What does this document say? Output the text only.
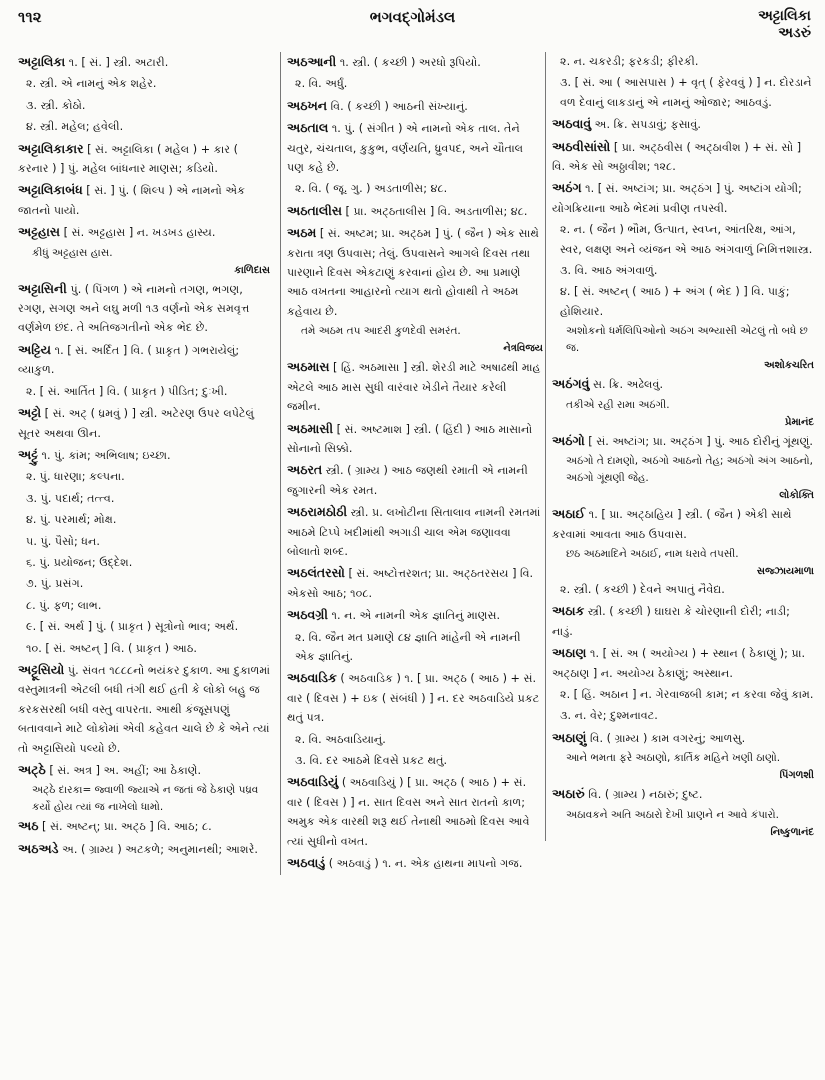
૧૧૨	ભગવદ્ગોમંડલ	અટ્ટાલિકા
અડરું
અટ્ટાલિકા ૧. [ સં. ] સ્ત્રી. અટારી.
૨. સ્ત્રી. એ નામનું એક શહેર.
૩. સ્ત્રી. કોઠો.
૪. સ્ત્રી. મહેલ; હવેલી.
અટ્ટાલિકાકાર [ સં. અટ્ટાલિકા ( મહેલ ) + કાર ( કરનાર ) ] પું. મહેલ બાંધનાર માણસ; કડિયો.
અટ્ટાલિકાબંધ [ સં. ] પું. ( શિલ્પ ) એ નામનો એક જાતનો પાયો.
અટ્ટહાસ [ સં. અટ્ટહાસ ] ન. ખડખડ હાસ્ય.
કીધું અટ્ટહાસ હાસ.
કાળિદાસ
અટ્ટાસિની પું. ( પિંગળ ) એ નામનો તગણ, ભગણ, રગણ, સગણ અને લઘુ મળી ૧૩ વર્ણનો એક સમવૃત્ત વર્ણમેળ છંદ. તે અતિજગતીનો એક ભેદ છે.
અટ્ટિય ૧. [ સં. અર્દિત ] વિ. ( પ્રાકૃત ) ગભરાયેલું; વ્યાકુળ.
૨. [ સં. આર્તિત ] વિ. ( પ્રાકૃત ) પીડિત; દુઃખી.
અટ્ટો [ સં. અટ્ ( ધ્રમવું ) ] સ્ત્રી. અટેરણ ઉપર લપેટેલું સૂતર અથવા ઊન.
અટ્ટું ૧. પું. કાંમ; અભિલાષ; ઇચ્છા.
૨. પું. ધારણા; કલ્પના.
૩. પું. પદાર્થ; તત્ત્વ.
૪. પું. પરમાર્થ; મોક્ષ.
૫. પું. પૈસો; ધન.
૬. પું. પ્રયોજન; ઉદ્દેશ.
૭. પું. પ્રસંગ.
૮. પું. ફળ; લાભ.
૯. [ સં. અર્થ ] પું. ( પ્રાકૃત ) સૂત્રોનો ભાવ; અર્થ.
૧૦. [ સં. અષ્ટન્ ] વિ. ( પ્રાકૃત ) આઠ.
અટ્ટૂસિયો પું. સંવત ૧૮૮૮નો ભયંકર દુકાળ. આ દુકાળમાં વસ્તુમાત્રની એટલી બધી તંગી થઈ હતી કે લોકો બહુ જ કરકસરથી બધી વસ્તુ વાપરતા. આથી કંજૂસપણું બતાવવાને માટે લોકોમાં એવી કહેવત ચાલે છે કે એને ત્યાં તો અટ્ટાસિયો પલ્યો છે.
અટ્ઠે [ સં. અત્ર ] અ. અહીં; આ ઠેકાણે.
અટ્ઠે દારકા= જ્વાળી જ્યાએ ન જતાં જે ઠેકાણે પધ્રવ કર્યો હોય ત્યાં જ નાખેલો ધામો.
અઠ [ સં. અષ્ટન્; પ્રા. અટ્ઠ ] વિ. આઠ; ૮.
અઠઅડે અ. ( ગ્રામ્ય ) અટકળે; અનુમાનથી; આશરે.
અઠઆની ૧. સ્ત્રી. ( કચ્છી ) અરધો રૂપિયો.
૨. વિ. અર્ધું.
અઠખન વિ. ( કચ્છી ) આઠની સંખ્યાનું.
અઠતાલ ૧. પું. ( સંગીત ) એ નામનો એક તાલ. તેને ચતુર, ચંચતાલ, કુકુભ, વર્ણયતિ, ધ્રુવપદ, અને ચૌતાલ પણ કહે છે.
૨. વિ. ( જૂ. ગુ. ) અડતાળીસ; ૪૮.
અઠતાલીસ [ પ્રા. અટ્ઠતાલીસ ] વિ. અડતાળીસ; ૪૮.
અઠમ [ સં. અષ્ટમ; પ્રા. અટ્ઠમ ] પું. ( જૈન ) એક સાથે કરાતા ત્રણ ઉપવાસ; તેલું. ઉપવાસને આગલે દિવસ તથા પારણાને દિવસ એકટાણું કરવાનાં હોય છે. આ પ્રમાણે આઠ વખતના આહારનો ત્યાગ થતો હોવાથી તે અઠમ કહેવાય છે.
તમે અઠમ તપ આદરી કુળદેવી સમરંત.
નેત્રવિજય
અઠમાસ [ હિં. અઠમાસા ] સ્ત્રી. શેરડી માટે અષાઢથી માહ એટલે આઠ માસ સુધી વારંવાર ખેડીને તૈયાર કરેલી જમીન.
અઠમાસી [ સં. અષ્ટમાશ ] સ્ત્રી. ( હિંદી ) આઠ માસાનો સોનાનો સિક્કો.
અઠરત સ્ત્રી. ( ગ્રામ્ય ) આઠ જણથી રમાતી એ નામની જુગારની એક રમત.
અઠરામઠોઠી સ્ત્રી. પ્ર. લખોટીના સિતાલાવ નામની રમતમાં આઠમે ટિપ્પે ખદીમાંથી અગાડી ચાલ એમ જણાવવા બોલાતો શબ્દ.
અઠલંતરસો [ સં. અષ્ટોત્તરશત; પ્રા. અટ્ઠતરસય ] વિ. એકસો આઠ; ૧૦૮.
અઠવગ્રી ૧. ન. એ નામની એક જ્ઞાતિનું માણસ.
૨. વિ. જૈન મત પ્રમાણે ૮૪ જ્ઞાતિ માંહેની એ નામની એક જ્ઞાતિનું.
અઠવાડિક ( અઠવાડિક ) ૧. [ પ્રા. અટ્ઠ ( આઠ ) + સં. વાર ( દિવસ ) + ઇક ( સંબંધી ) ] ન. દર અઠવાડિયે પ્રકટ થતું પત્ર.
૨. વિ. અઠવાડિયાનું.
૩. વિ. દર આઠમે દિવસે પ્રકટ થતું.
અઠવાડિયું ( અઠવાડિયું ) [ પ્રા. અટ્ઠ ( આઠ ) + સં. વાર ( દિવસ ) ] ન. સાત દિવસ અને સાત રાતનો કાળ; અમુક એક વારથી શરૂ થઈ તેનાથી આઠમો દિવસ આવે ત્યાં સુધીનો વખત.
અઠવાડું ( અઠવાડું ) ૧. ન. એક હાથના માપનો ગજ.
૨. ન. ચકરડી; ફરકડી; ફીરકી.
૩. [ સં. આ ( આસપાસ ) + વૃત્ ( ફેરવવું ) ] ન. દોરડાને વળ દેવાનું લાકડાનું એ નામનું ઓજાર; આઠવડું.
અઠવાવું અ. ક્રિ. સપડાવું; ફસાવું.
અઠવીસાંસો [ પ્રા. અટ્ઠવીસ ( અટ્ઠાવીશ ) + સં. સો ] વિ. એક સો અઠ્ઠાવીશ; ૧૨૮.
અઠંગ ૧. [ સં. અષ્ટાંગ; પ્રા. અટ્ઠંગ ] પું. અષ્ટાંગ યોગી; યોગક્રિયાના આઠે ભેદમાં પ્રવીણ તપસ્વી.
૨. ન. ( જૈન ) ભૌમ, ઉત્પાત, સ્વપ્ન, આંતરિક્ષ, આંગ, સ્વર, લક્ષણ અને વ્યંજન એ આઠ અંગવાળું નિમિત્તશાસ્ત્ર.
૩. વિ. આઠ અંગવાળું.
૪. [ સં. અષ્ટન્ ( આઠ ) + અંગ ( ભેદ ) ] વિ. પાકું; હોશિયાર.
અશોકનો ધર્મલિપિઓનો અઠંગ અભ્યાસી એટલું તો બધે છ જ.
અશોકચરિત
અઠંગવું સ. ક્રિ. અઢેલવું.
તકીએ રહી રામા અઠંગી.
પ્રેમાનંદ
અઠંગો [ સં. અષ્ટાંગ; પ્રા. અટ્ઠંગ ] પું. આઠ દોરીનું ગૂંથણું.
અઠંગો તે દામણો, અઠંગો આઠનો તેહ; અઠંગો અંગ આઠનો, અઠંગો ગૂંથણી જેહ.
લોકોક્તિ
અઠાઈ ૧. [ પ્રા. અટ્ઠાહિય ] સ્ત્રી. ( જૈન ) એકી સાથે કરવામાં આવતા આઠ ઉપવાસ.
છઠ અઠમાદિને અઠાઈ, નામ ધરાવે તપસી.
સજ્ઝાયમાળા
૨. સ્ત્રી. ( કચ્છી ) દેવને અપાતું નૈવેદ્ય.
અઠાક સ્ત્રી. ( કચ્છી ) ઘાઘરા કે ચોરણાની દોરી; નાડી; નાડું.
અઠાણ ૧. [ સં. અ ( અયોગ્ય ) + સ્થાન ( ઠેકાણું ); પ્રા. અટ્ઠાણ ] ન. અયોગ્ય ઠેકાણું; અસ્થાન.
૨. [ હિં. અઠાન ] ન. ગેરવાજબી કામ; ન કરવા જેવું કામ.
૩. ન. વેર; દુશ્મનાવટ.
અઠાણું વિ. ( ગ્રામ્ય ) કામ વગરનું; આળસુ.
આને ભમતા ફરે અઠાણો, કાર્તિક મહિને ખણી ઠાણો.
પિંગળશી
અઠારું વિ. ( ગ્રામ્ય ) નઠારું; દુષ્ટ.
અઠાવકને અતિ અઠારો દેખી પ્રાણને ન આવે કંપારો.
નિષ્કુળાનંદ
